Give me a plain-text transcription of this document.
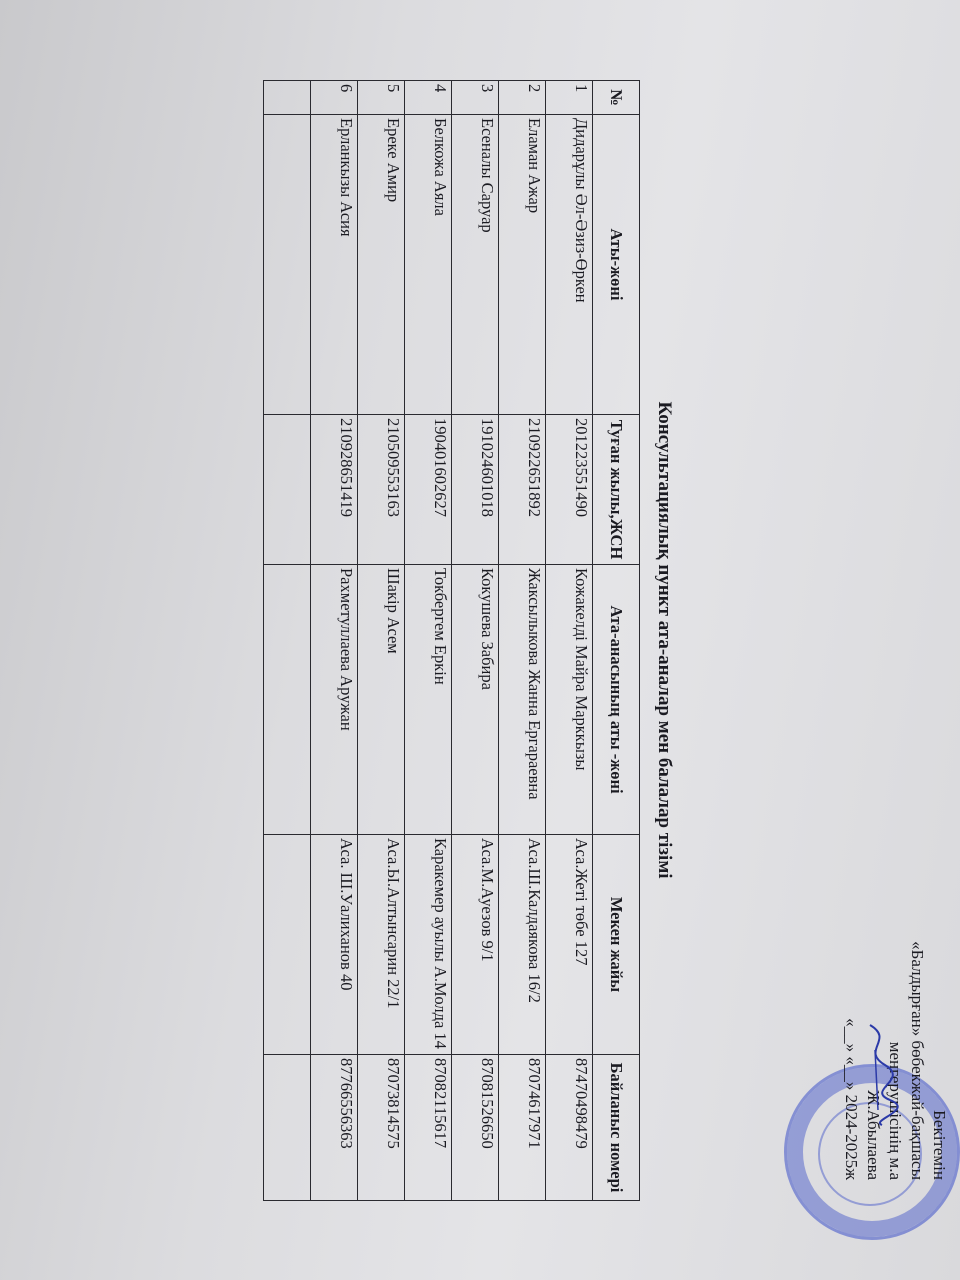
Бекітемін
«Балдырған» бөбекжай-бақшасы
меңгерушісінің м.а
Ж.Абылаева
«__» «__» 2024-2025ж
Консультациялық пункт ата-аналар мен балалар тізімі
№	Аты-жөні	Туған жылы,ЖСН	Ата-анасының аты -жөні	Мекен жайы	Байланыс номері
1	Дидарұлы Әл-Әзиз-Өркен	201223551490	Кожакелді Майра Марккызы	Аса.Жеті төбе 127	87470498479
2	Еламан Ажар	210922651892	Жаксылыкова Жанна Ергараевна	Аса.Ш.Калдаякова 16/2	87074617971
3	Есеналы Саруар	191024601018	Кокушева Забира	Аса.М.Ауезов 9/1	87081526650
4	Белкожа Аяла	190401602627	Токбергем Еркін	Каракемер ауылы А.Молда 14	87082115617
5	Ереке Амир	210509553163	Шакір Асем	Аса.Ы.Алтынсарин 22/1	87073814575
6	Ерланкызы Асия	210928651419	Рахметуллаева Аружан	Аса. Ш.Уалиханов 40	87766556363
